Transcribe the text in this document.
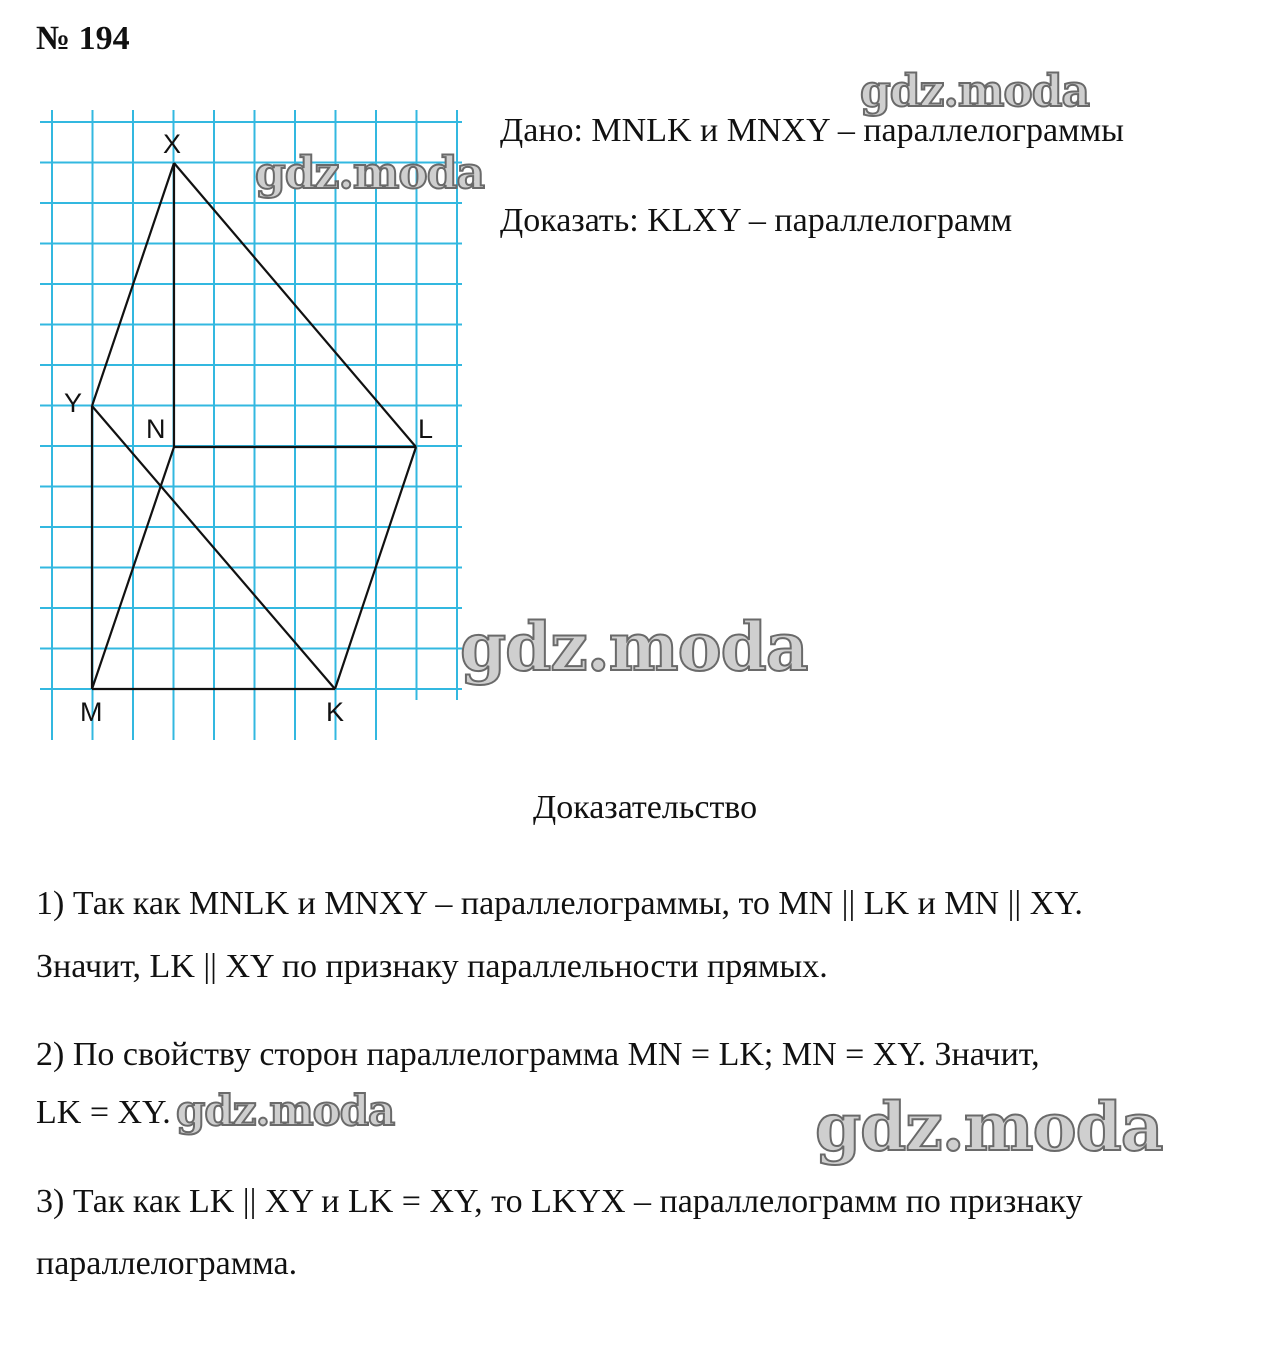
№ 194
Дано: MNLK и MNXY – параллелограммы
Доказать: KLXY – параллелограмм
X
Y
N	L
M	K
Доказательство
1) Так как MNLK и MNXY – параллелограммы, то MN || LK и MN || XY.
Значит, LK || XY по признаку параллельности прямых.
2) По свойству сторон параллелограмма MN = LK; MN = XY. Значит,
LK = XY.
3) Так как LK || XY и LK = XY, то LKYX – параллелограмм по признаку
параллелограмма.
gdz.moda
gdz.moda
gdz.moda
gdz.moda	gdz.moda
